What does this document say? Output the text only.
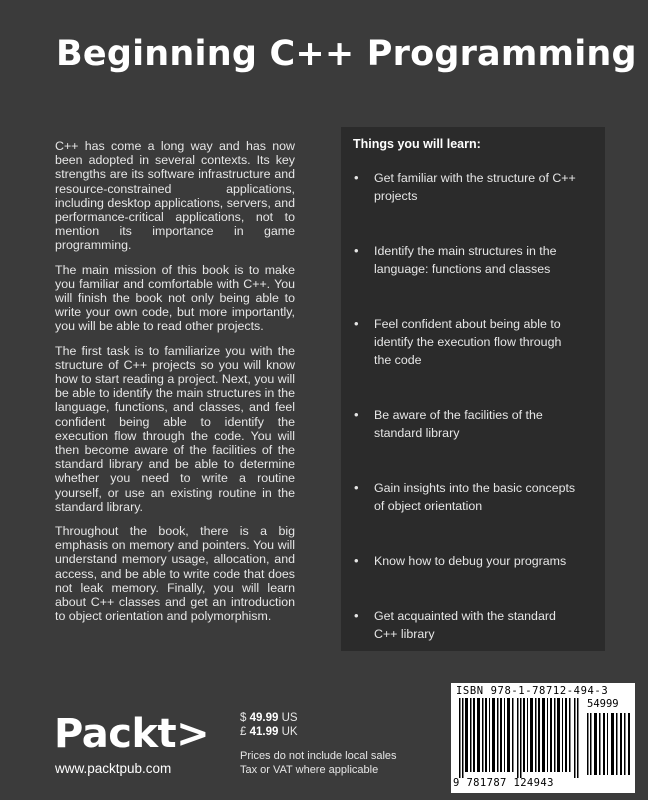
Beginning C++ Programming

C++ has come a long way and has now been adopted in several contexts. Its key strengths are its software infrastructure and resource-constrained applications, including desktop applications, servers, and performance-critical applications, not to mention its importance in game programming.

The main mission of this book is to make you familiar and comfortable with C++. You will finish the book not only being able to write your own code, but more importantly, you will be able to read other projects.

The first task is to familiarize you with the structure of C++ projects so you will know how to start reading a project. Next, you will be able to identify the main structures in the language, functions, and classes, and feel confident being able to identify the execution flow through the code. You will then become aware of the facilities of the standard library and be able to determine whether you need to write a routine yourself, or use an existing routine in the standard library.

Throughout the book, there is a big emphasis on memory and pointers. You will understand memory usage, allocation, and access, and be able to write code that does not leak memory. Finally, you will learn about C++ classes and get an introduction to object orientation and polymorphism.

Things you will learn:
• Get familiar with the structure of C++ projects
• Identify the main structures in the language: functions and classes
• Feel confident about being able to identify the execution flow through the code
• Be aware of the facilities of the standard library
• Gain insights into the basic concepts of object orientation
• Know how to debug your programs
• Get acquainted with the standard C++ library
Packt>
www.packtpub.com
$ 49.99 US
£ 41.99 UK
Prices do not include local sales
Tax or VAT where applicable
ISBN 978-1-78712-494-3
54999
9 781787 124943
